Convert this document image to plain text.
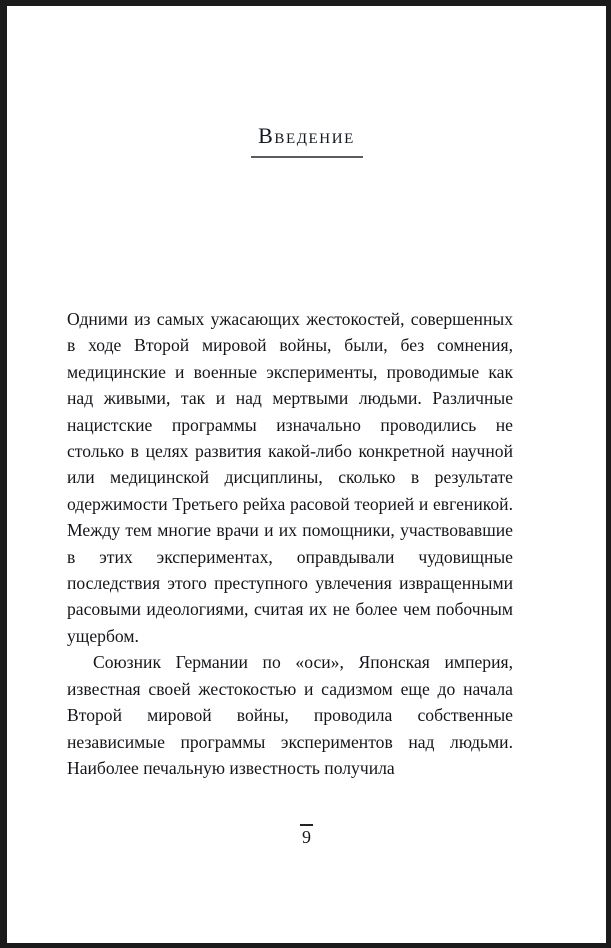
Введение

Одними из самых ужасающих жестокостей, совершенных в ходе Второй мировой войны, были, без сомнения, медицинские и военные эксперименты, проводимые как над живыми, так и над мертвыми людьми. Различные нацистские программы изначально проводились не столько в целях развития какой-либо конкретной научной или медицинской дисциплины, сколько в результате одержимости Третьего рейха расовой теорией и евгеникой. Между тем многие врачи и их помощники, участвовавшие в этих экспериментах, оправдывали чудовищные последствия этого преступного увлечения извращенными расовыми идеологиями, считая их не более чем побочным ущербом.

Союзник Германии по «оси», Японская империя, известная своей жестокостью и садизмом еще до начала Второй мировой войны, проводила собственные независимые программы экспериментов над людьми. Наиболее печальную известность получила

9
